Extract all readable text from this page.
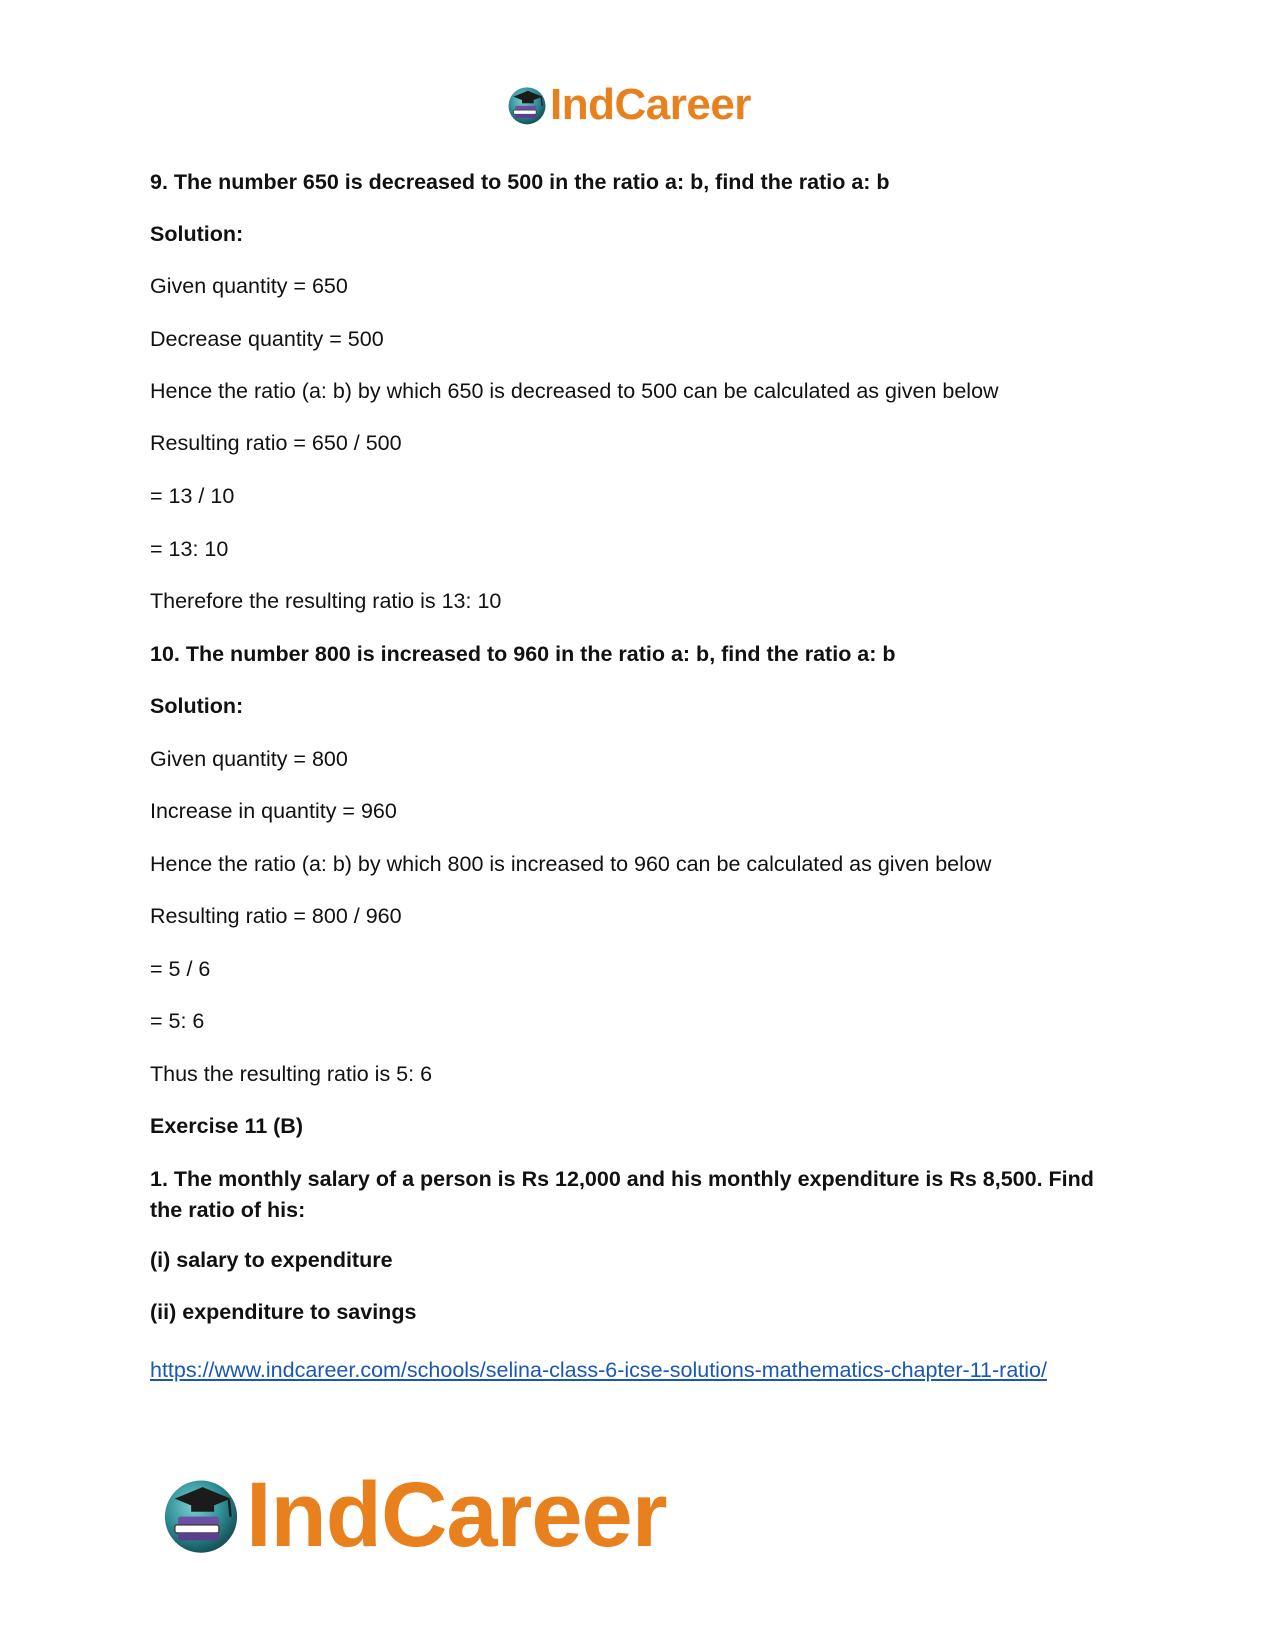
IndCareer

9. The number 650 is decreased to 500 in the ratio a: b, find the ratio a: b

Solution:

Given quantity = 650

Decrease quantity = 500

Hence the ratio (a: b) by which 650 is decreased to 500 can be calculated as given below

Resulting ratio = 650 / 500

= 13 / 10

= 13: 10

Therefore the resulting ratio is 13: 10

10. The number 800 is increased to 960 in the ratio a: b, find the ratio a: b

Solution:

Given quantity = 800

Increase in quantity = 960

Hence the ratio (a: b) by which 800 is increased to 960 can be calculated as given below

Resulting ratio = 800 / 960

= 5 / 6

= 5: 6

Thus the resulting ratio is 5: 6

Exercise 11 (B)

1. The monthly salary of a person is Rs 12,000 and his monthly expenditure is Rs 8,500. Find the ratio of his:

(i) salary to expenditure

(ii) expenditure to savings

https://www.indcareer.com/schools/selina-class-6-icse-solutions-mathematics-chapter-11-ratio/
IndCareer
